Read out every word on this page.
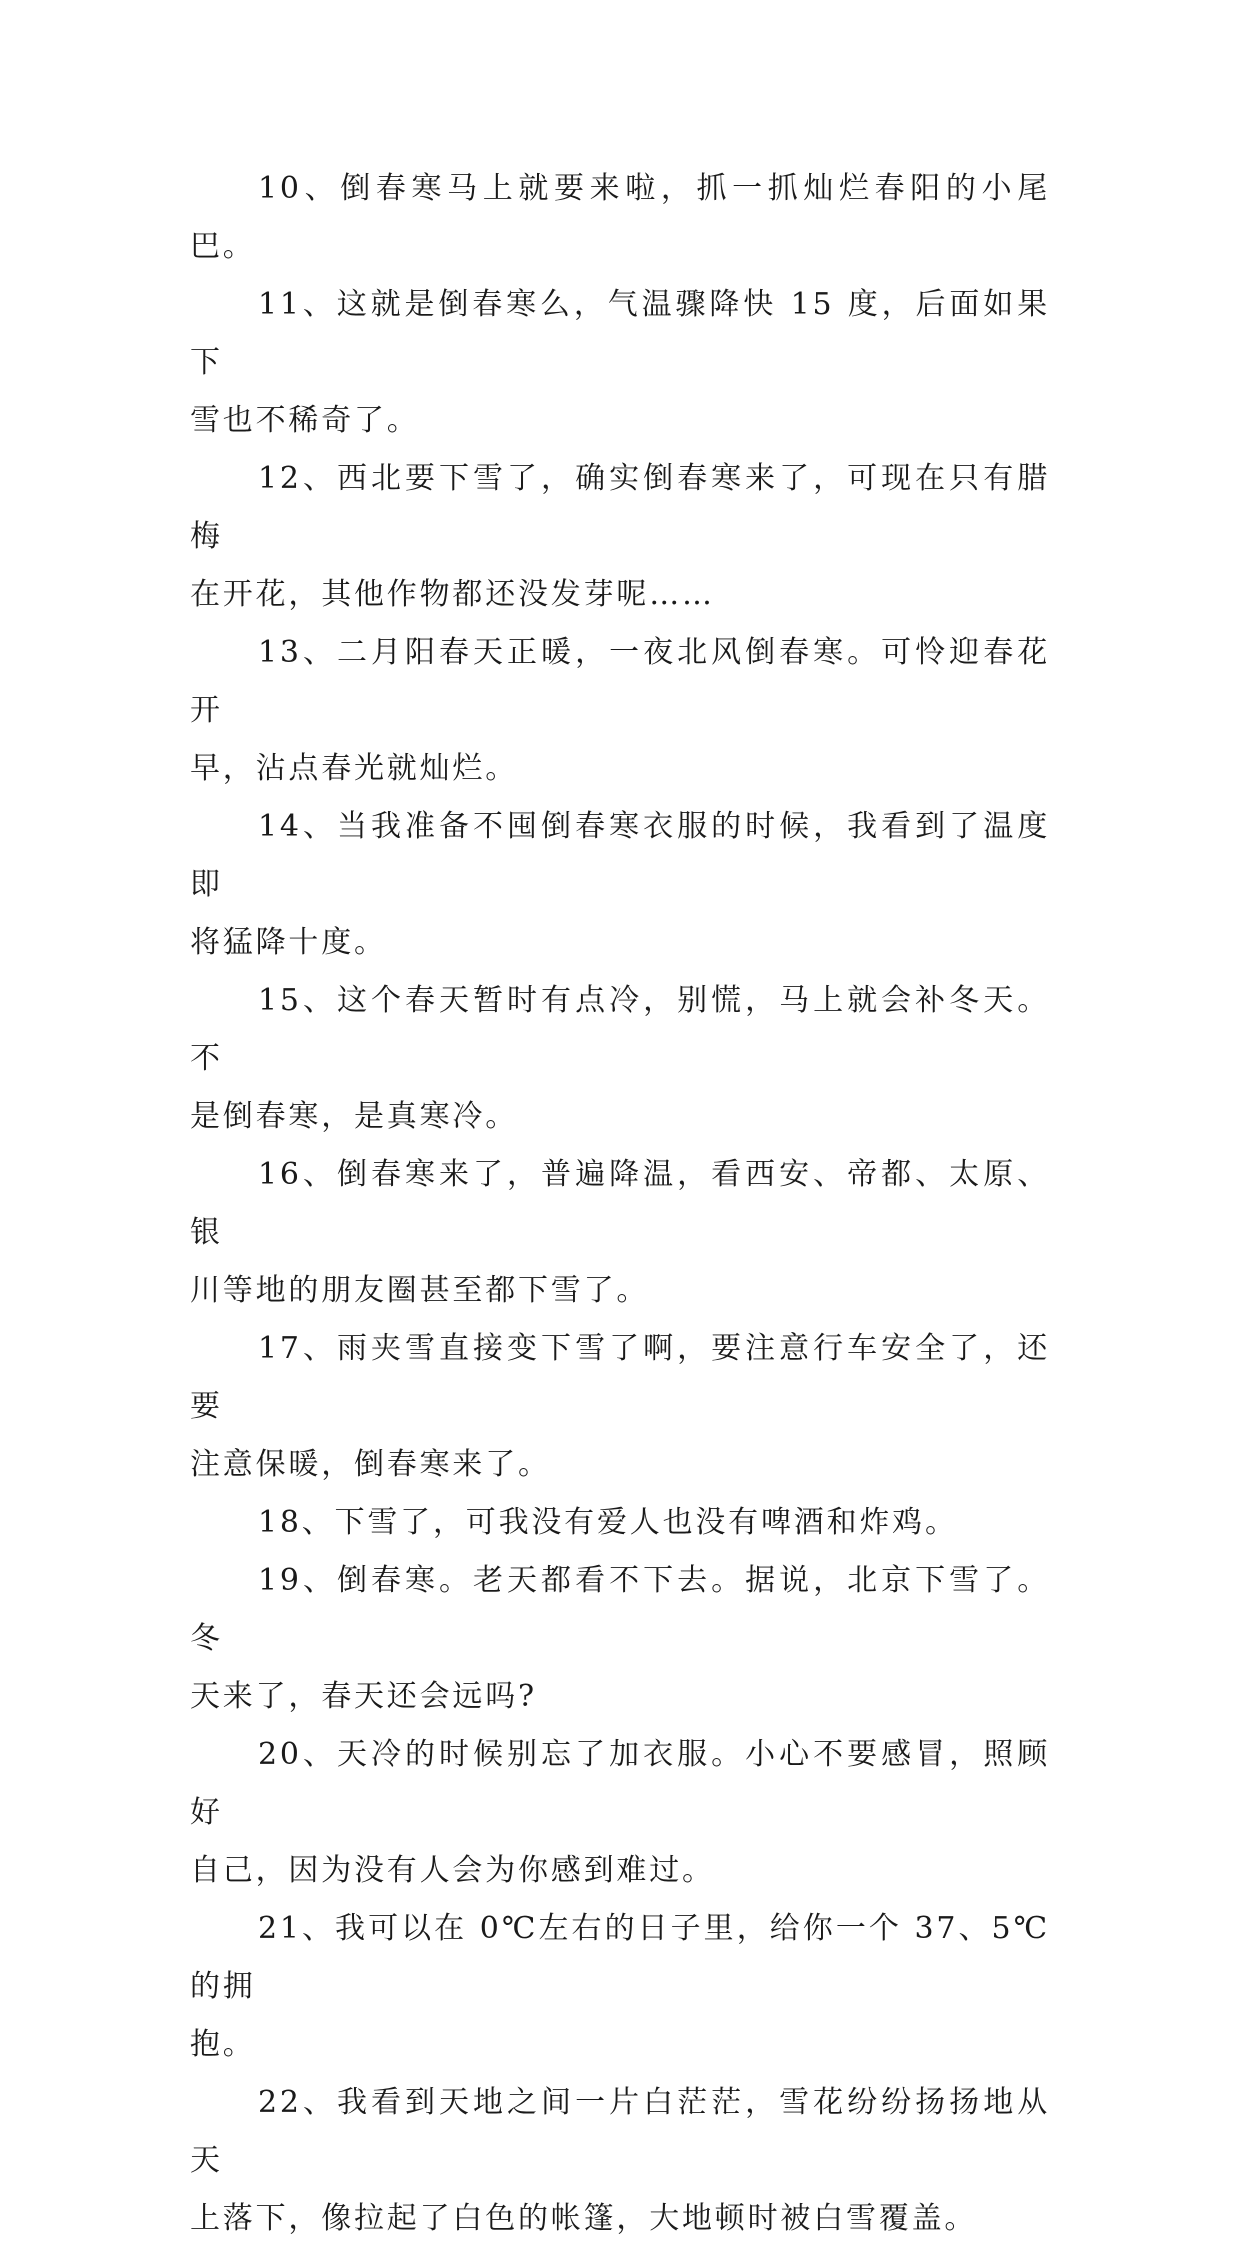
10、倒春寒马上就要来啦，抓一抓灿烂春阳的小尾巴。

11、这就是倒春寒么，气温骤降快 15 度，后面如果下
雪也不稀奇了。

12、西北要下雪了，确实倒春寒来了，可现在只有腊梅
在开花，其他作物都还没发芽呢……

13、二月阳春天正暖，一夜北风倒春寒。可怜迎春花开
早，沾点春光就灿烂。

14、当我准备不囤倒春寒衣服的时候，我看到了温度即
将猛降十度。

15、这个春天暂时有点冷，别慌，马上就会补冬天。不
是倒春寒，是真寒冷。

16、倒春寒来了，普遍降温，看西安、帝都、太原、银
川等地的朋友圈甚至都下雪了。

17、雨夹雪直接变下雪了啊，要注意行车安全了，还要
注意保暖，倒春寒来了。

18、下雪了，可我没有爱人也没有啤酒和炸鸡。

19、倒春寒。老天都看不下去。据说，北京下雪了。冬
天来了，春天还会远吗?

20、天冷的时候别忘了加衣服。小心不要感冒，照顾好
自己，因为没有人会为你感到难过。

21、我可以在 0℃左右的日子里，给你一个 37、5℃的拥
抱。

22、我看到天地之间一片白茫茫，雪花纷纷扬扬地从天
上落下，像拉起了白色的帐篷，大地顿时被白雪覆盖。
